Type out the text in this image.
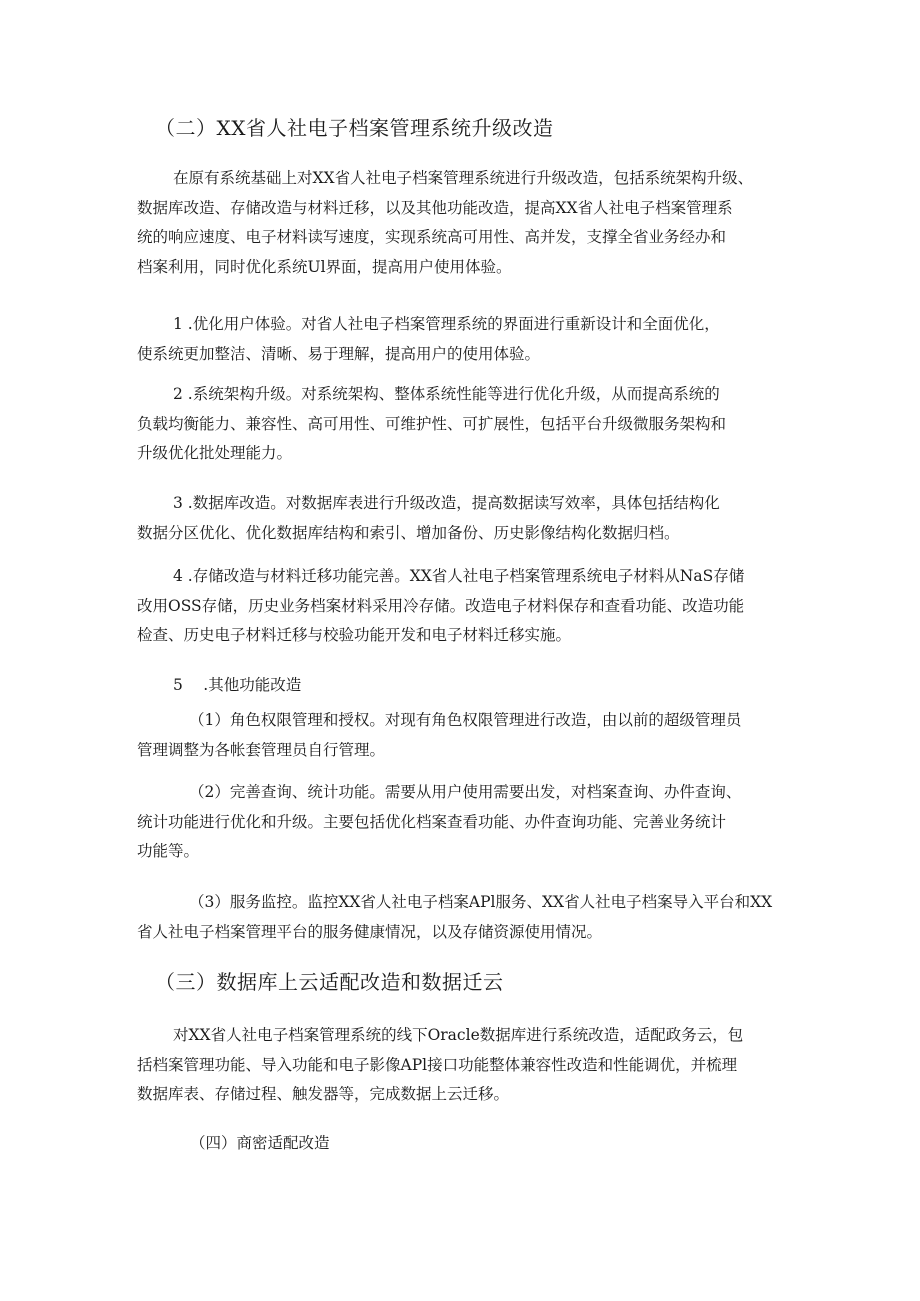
（二）XX省人社电子档案管理系统升级改造
在原有系统基础上对XX省人社电子档案管理系统进行升级改造，包括系统架构升级、
数据库改造、存储改造与材料迁移，以及其他功能改造，提高XX省人社电子档案管理系
统的响应速度、电子材料读写速度，实现系统高可用性、高并发，支撑全省业务经办和
档案利用，同时优化系统Ul界面，提高用户使用体验。
1 .优化用户体验。对省人社电子档案管理系统的界面进行重新设计和全面优化，
使系统更加整洁、清晰、易于理解，提高用户的使用体验。
2 .系统架构升级。对系统架构、整体系统性能等进行优化升级，从而提高系统的
负载均衡能力、兼容性、高可用性、可维护性、可扩展性，包括平台升级微服务架构和
升级优化批处理能力。
3 .数据库改造。对数据库表进行升级改造，提高数据读写效率，具体包括结构化
数据分区优化、优化数据库结构和索引、增加备份、历史影像结构化数据归档。
4 .存储改造与材料迁移功能完善。XX省人社电子档案管理系统电子材料从NaS存储
改用OSS存储，历史业务档案材料采用冷存储。改造电子材料保存和查看功能、改造功能
检查、历史电子材料迁移与校验功能开发和电子材料迁移实施。
5　 .其他功能改造
（1）角色权限管理和授权。对现有角色权限管理进行改造，由以前的超级管理员
管理调整为各帐套管理员自行管理。
（2）完善查询、统计功能。需要从用户使用需要出发，对档案查询、办件查询、
统计功能进行优化和升级。主要包括优化档案查看功能、办件查询功能、完善业务统计
功能等。
（3）服务监控。监控XX省人社电子档案APl服务、XX省人社电子档案导入平台和XX
省人社电子档案管理平台的服务健康情况，以及存储资源使用情况。
（三）数据库上云适配改造和数据迁云
对XX省人社电子档案管理系统的线下Oracle数据库进行系统改造，适配政务云，包
括档案管理功能、导入功能和电子影像APl接口功能整体兼容性改造和性能调优，并梳理
数据库表、存储过程、触发器等，完成数据上云迁移。
（四）商密适配改造
